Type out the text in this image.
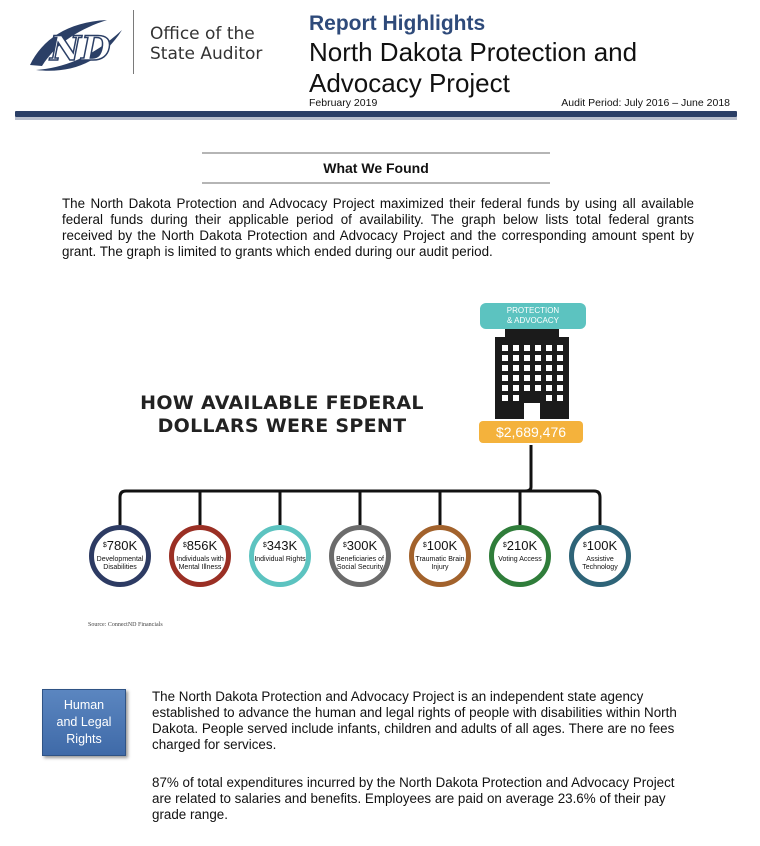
ND Office of the
State Auditor
Report Highlights
North Dakota Protection and Advocacy Project
February 2019	Audit Period: July 2016 – June 2018
What We Found
The North Dakota Protection and Advocacy Project maximized their federal funds by using all available federal funds during their applicable period of availability. The graph below lists total federal grants received by the North Dakota Protection and Advocacy Project and the corresponding amount spent by grant. The graph is limited to grants which ended during our audit period.
HOW AVAILABLE FEDERAL DOLLARS WERE SPENT
PROTECTION
& ADVOCACY
$2,689,476
$780K
Developmental Disabilities
$856K
Individuals with Mental Illness
$343K
Individual Rights
$300K
Beneficiaries of Social Security
$100K
Traumatic Brain Injury
$210K
Voting Access
$100K
Assistive Technology
Source: ConnectND Financials
Human
and Legal
Rights
The North Dakota Protection and Advocacy Project is an independent state agency established to advance the human and legal rights of people with disabilities within North Dakota. People served include infants, children and adults of all ages. There are no fees charged for services.
87% of total expenditures incurred by the North Dakota Protection and Advocacy Project are related to salaries and benefits. Employees are paid on average 23.6% of their pay grade range.
